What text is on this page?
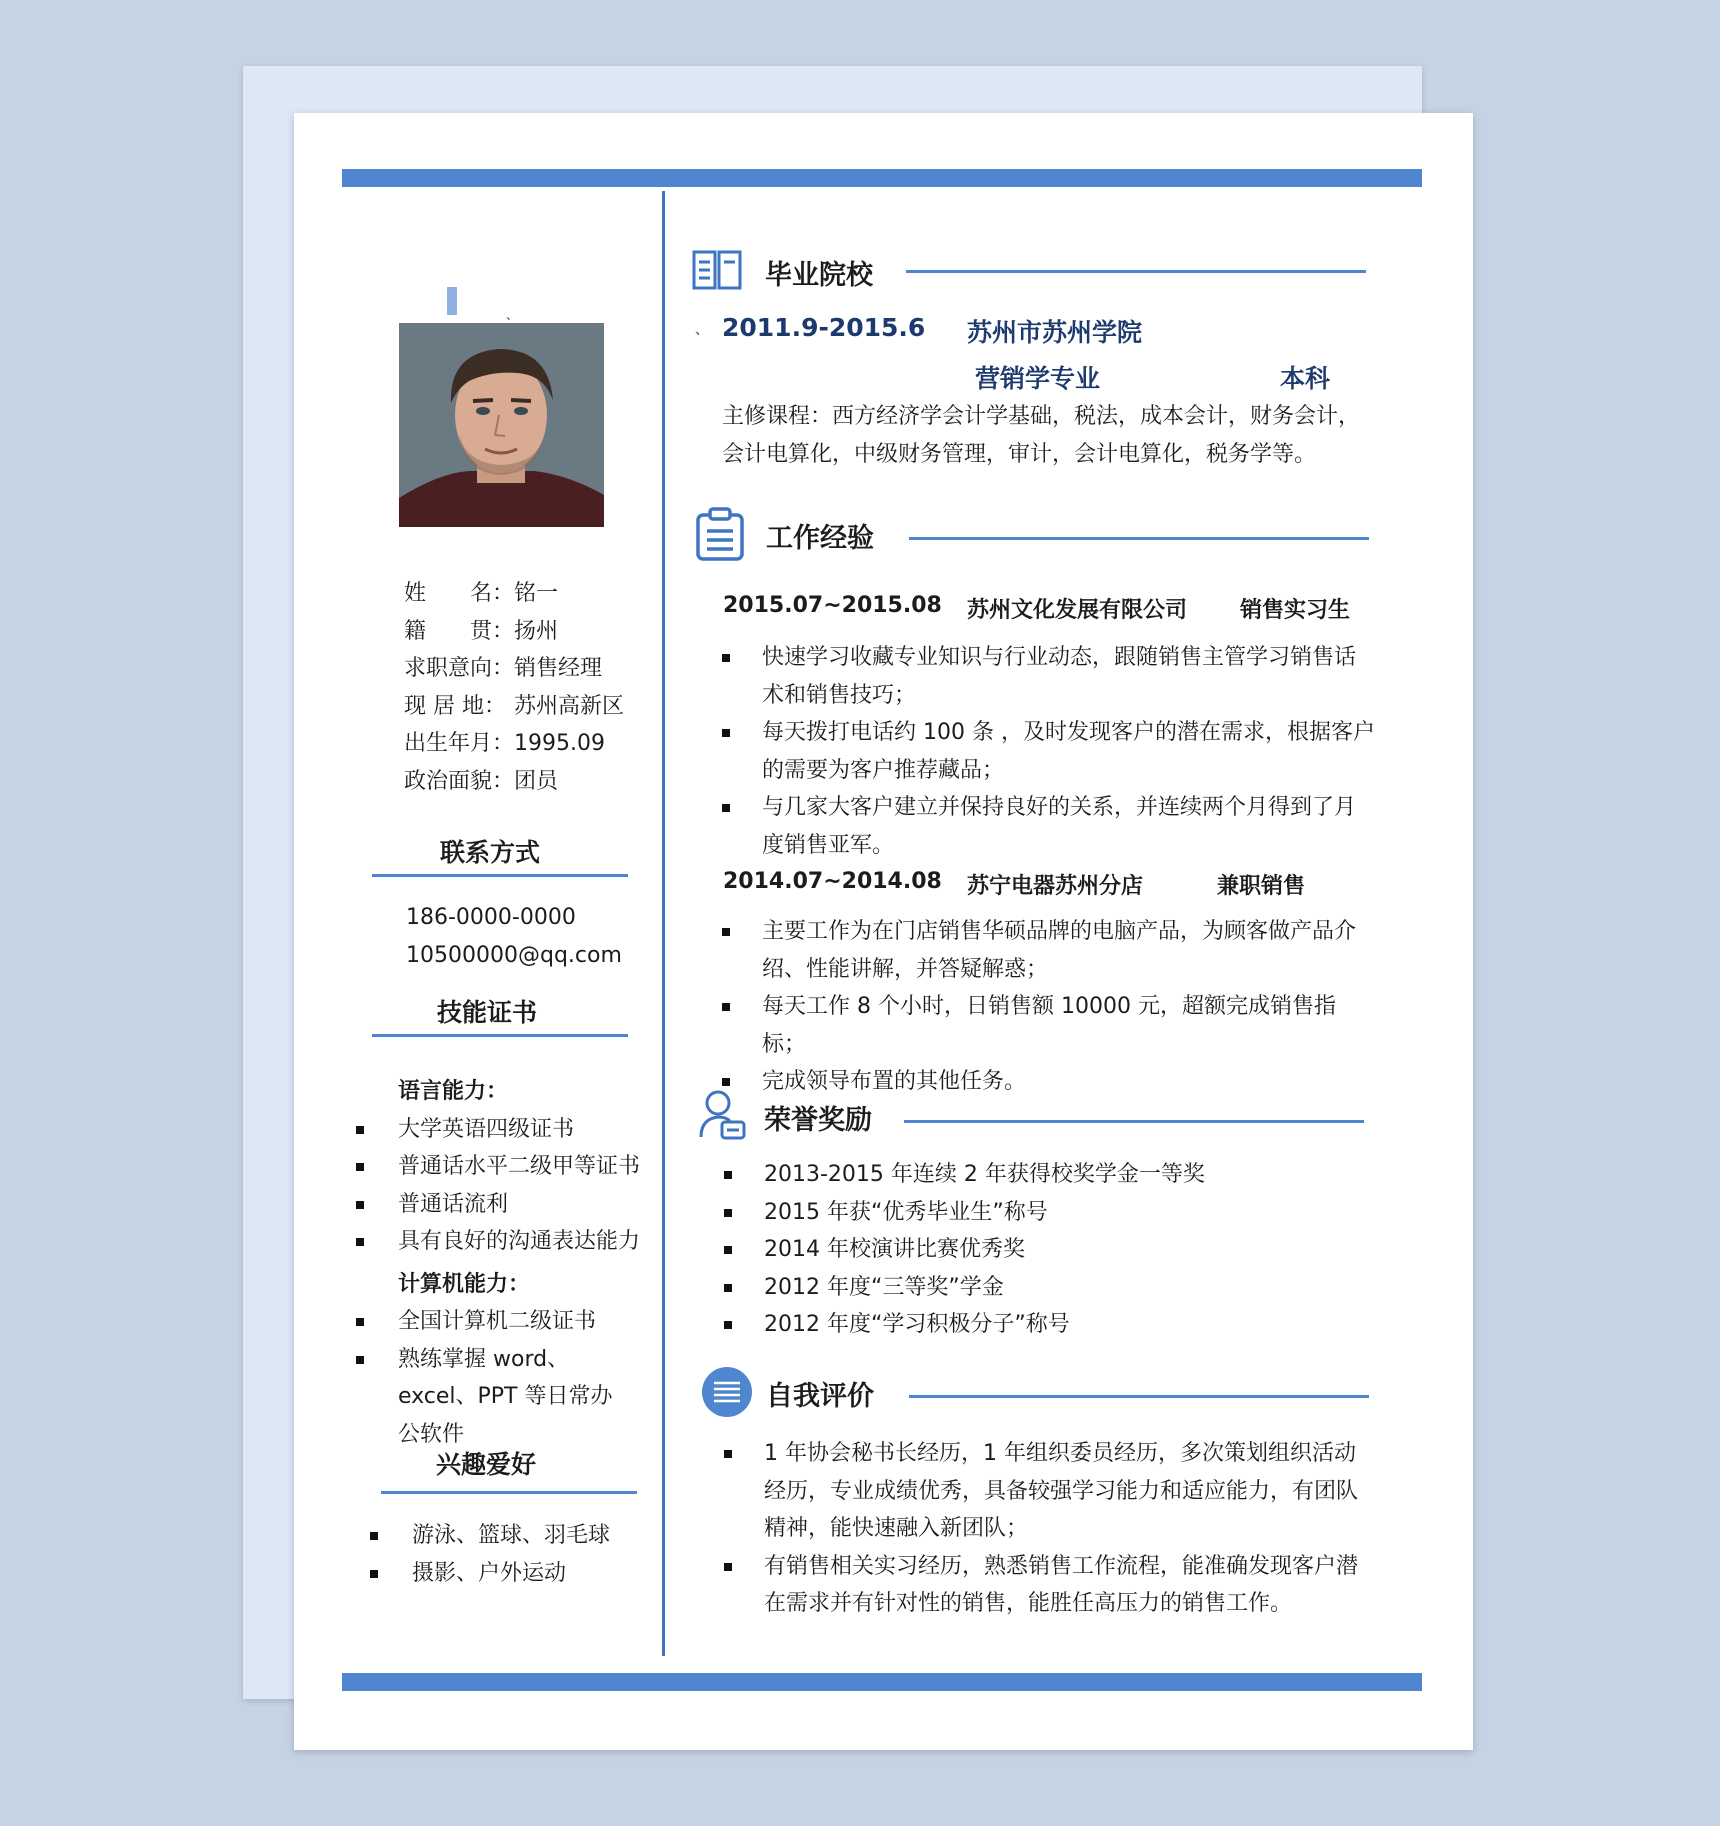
、
姓　　名：铭一
籍　　贯：扬州
求职意向：销售经理
现 居 地： 苏州高新区
出生年月：1995.09
政治面貌：团员
联系方式
186-0000-0000
10500000@qq.com
技能证书
语言能力：
大学英语四级证书
普通话水平二级甲等证书
普通话流利
具有良好的沟通表达能力
计算机能力：
全国计算机二级证书
熟练掌握 word、excel、PPT 等日常办公软件
兴趣爱好
游泳、篮球、羽毛球
摄影、户外运动
毕业院校
、 2011.9-2015.6 苏州市苏州学院
营销学专业	本科
主修课程：西方经济学会计学基础，税法，成本会计，财务会计，会计电算化，中级财务管理，审计，会计电算化，税务学等。
工作经验
2015.07~2015.08 苏州文化发展有限公司 销售实习生
快速学习收藏专业知识与行业动态，跟随销售主管学习销售话术和销售技巧；
每天拨打电话约 100 条 ，及时发现客户的潜在需求，根据客户的需要为客户推荐藏品；
与几家大客户建立并保持良好的关系，并连续两个月得到了月度销售亚军。
2014.07~2014.08 苏宁电器苏州分店	兼职销售
主要工作为在门店销售华硕品牌的电脑产品，为顾客做产品介绍、性能讲解，并答疑解惑；
每天工作 8 个小时，日销售额 10000 元，超额完成销售指标；
完成领导布置的其他任务。
荣誉奖励
2013-2015 年连续 2 年获得校奖学金一等奖
2015 年获“优秀毕业生”称号
2014 年校演讲比赛优秀奖
2012 年度“三等奖”学金
2012 年度“学习积极分子”称号
自我评价
1 年协会秘书长经历，1 年组织委员经历，多次策划组织活动经历，专业成绩优秀，具备较强学习能力和适应能力，有团队精神，能快速融入新团队；
有销售相关实习经历，熟悉销售工作流程，能准确发现客户潜在需求并有针对性的销售，能胜任高压力的销售工作。
